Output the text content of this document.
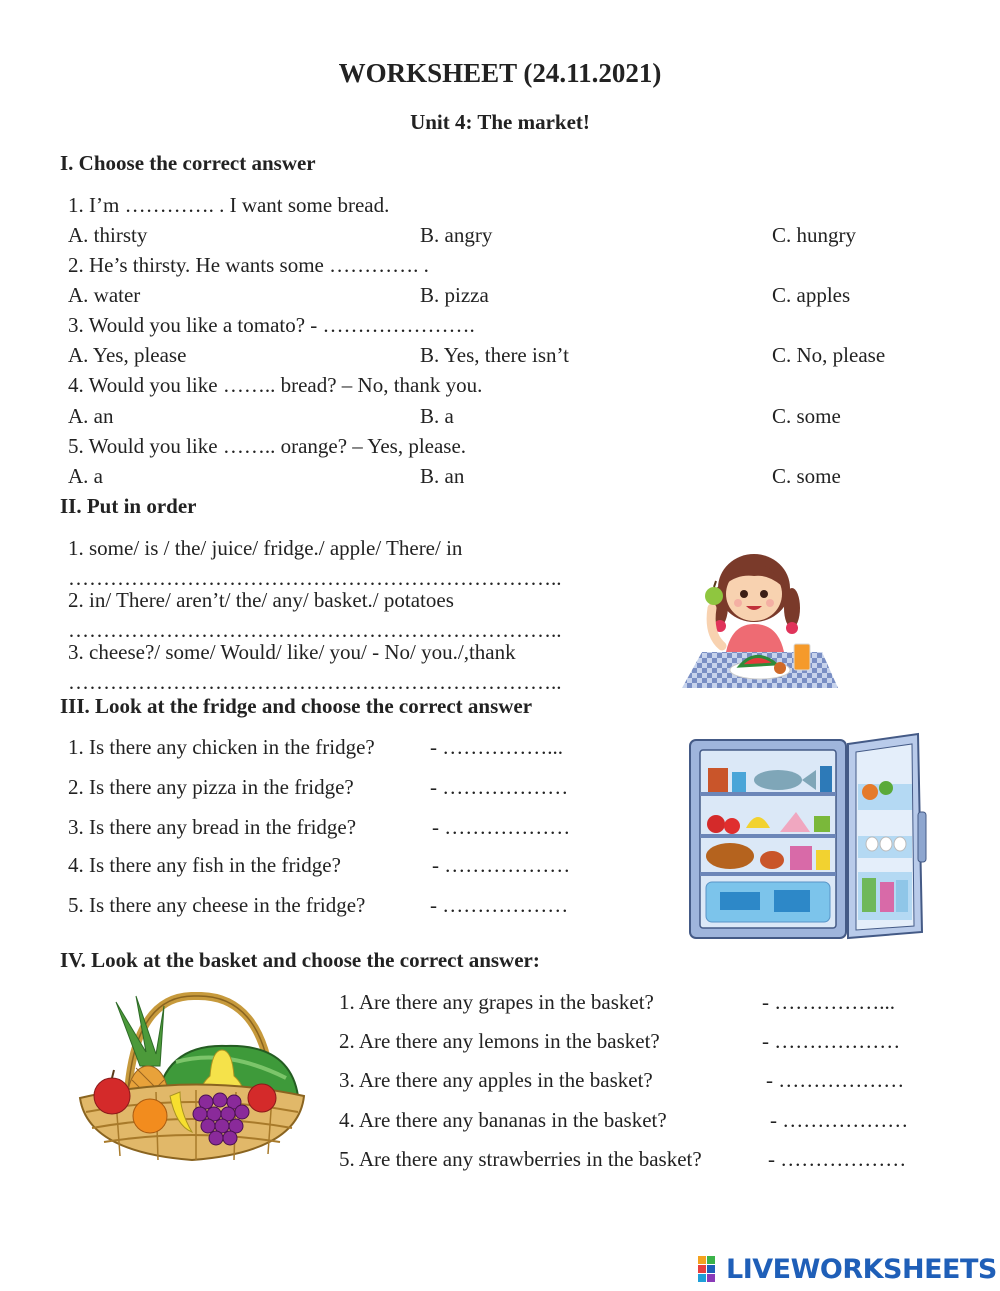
WORKSHEET (24.11.2021)
Unit 4: The market!
I. Choose the correct answer
1. I’m …………. . I want some bread.
A. thirsty	B. angry	C. hungry
2. He’s thirsty. He wants some …………. .
A. water	B. pizza	C. apples
3. Would you like a tomato? - ………………….
A. Yes, please	B. Yes, there isn’t	C. No, please
4. Would you like …….. bread? – No, thank you.
A. an	B. a	C. some
5. Would you like …….. orange? – Yes, please.
A. a	B. an	C. some
II. Put in order
1. some/ is / the/ juice/ fridge./ apple/ There/ in
……………………………………………………………..
2. in/ There/ aren’t/ the/ any/ basket./ potatoes
……………………………………………………………..
3. cheese?/ some/ Would/ like/ you/ - No/ you./,thank
……………………………………………………………..
III. Look at the fridge and choose the correct answer
1. Is there any chicken in the fridge?	- ……………...
2. Is there any pizza in the fridge?	- ………………
3. Is there any bread in the fridge?	- ………………
4. Is there any fish in the fridge?	- ………………
5. Is there any cheese in the fridge?	- ………………
IV. Look at the basket and choose the correct answer:
1. Are there any grapes in the basket?	- ……………...
2. Are there any lemons in the basket?	- ………………
3. Are there any apples in the basket?	- ………………
4. Are there any bananas in the basket?	- ………………
5. Are there any strawberries in the basket?	- ………………
LIVEWORKSHEETS
